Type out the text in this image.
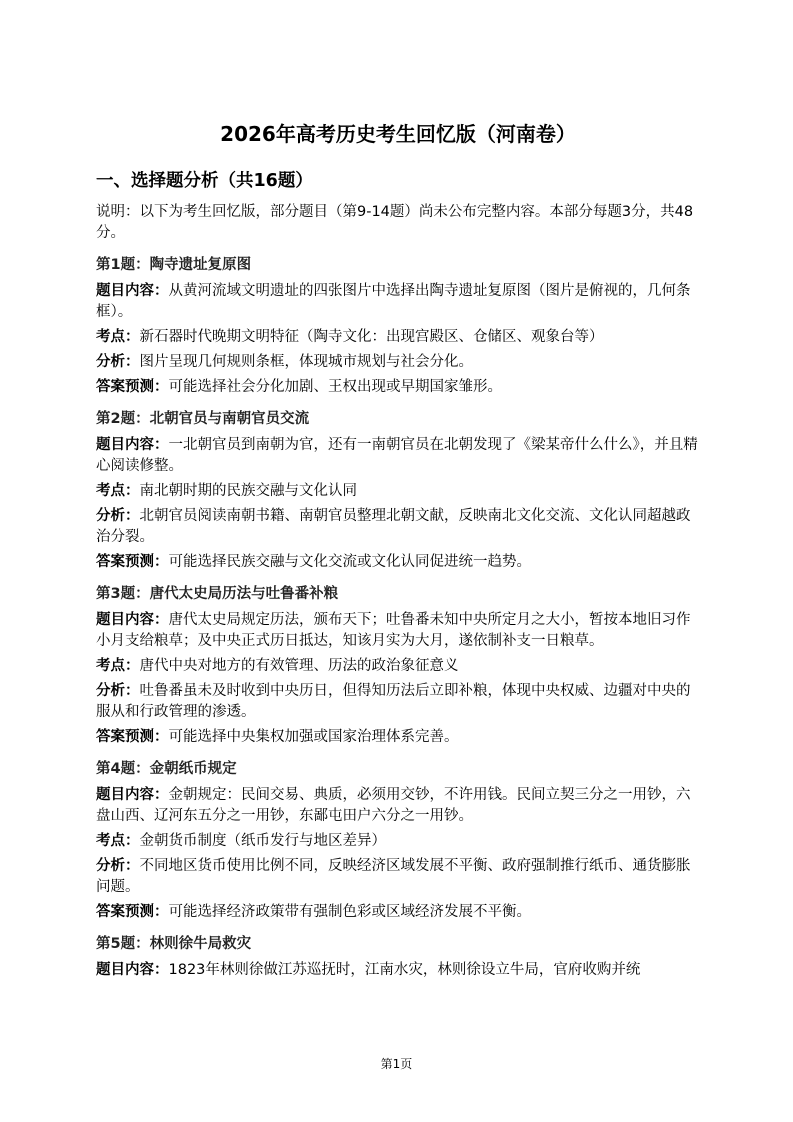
2026年高考历史考生回忆版（河南卷）
一、选择题分析（共16题）

说明：以下为考生回忆版，部分题目（第9-14题）尚未公布完整内容。本部分每题3分，共48分。

第1题：陶寺遗址复原图

题目内容：从黄河流域文明遗址的四张图片中选择出陶寺遗址复原图（图片是俯视的，几何条框）。

考点：新石器时代晚期文明特征（陶寺文化：出现宫殿区、仓储区、观象台等）

分析：图片呈现几何规则条框，体现城市规划与社会分化。

答案预测：可能选择社会分化加剧、王权出现或早期国家雏形。

第2题：北朝官员与南朝官员交流

题目内容：一北朝官员到南朝为官，还有一南朝官员在北朝发现了《梁某帝什么什么》，并且精心阅读修整。

考点：南北朝时期的民族交融与文化认同

分析：北朝官员阅读南朝书籍、南朝官员整理北朝文献，反映南北文化交流、文化认同超越政治分裂。

答案预测：可能选择民族交融与文化交流或文化认同促进统一趋势。

第3题：唐代太史局历法与吐鲁番补粮

题目内容：唐代太史局规定历法，颁布天下；吐鲁番未知中央所定月之大小，暂按本地旧习作小月支给粮草；及中央正式历日抵达，知该月实为大月，遂依制补支一日粮草。

考点：唐代中央对地方的有效管理、历法的政治象征意义

分析：吐鲁番虽未及时收到中央历日，但得知历法后立即补粮，体现中央权威、边疆对中央的服从和行政管理的渗透。

答案预测：可能选择中央集权加强或国家治理体系完善。

第4题：金朝纸币规定

题目内容：金朝规定：民间交易、典质，必须用交钞，不许用钱。民间立契三分之一用钞，六盘山西、辽河东五分之一用钞，东鄙屯田户六分之一用钞。

考点：金朝货币制度（纸币发行与地区差异）

分析：不同地区货币使用比例不同，反映经济区域发展不平衡、政府强制推行纸币、通货膨胀问题。

答案预测：可能选择经济政策带有强制色彩或区域经济发展不平衡。

第5题：林则徐牛局救灾

题目内容：1823年林则徐做江苏巡抚时，江南水灾，林则徐设立牛局，官府收购并统

第1页
